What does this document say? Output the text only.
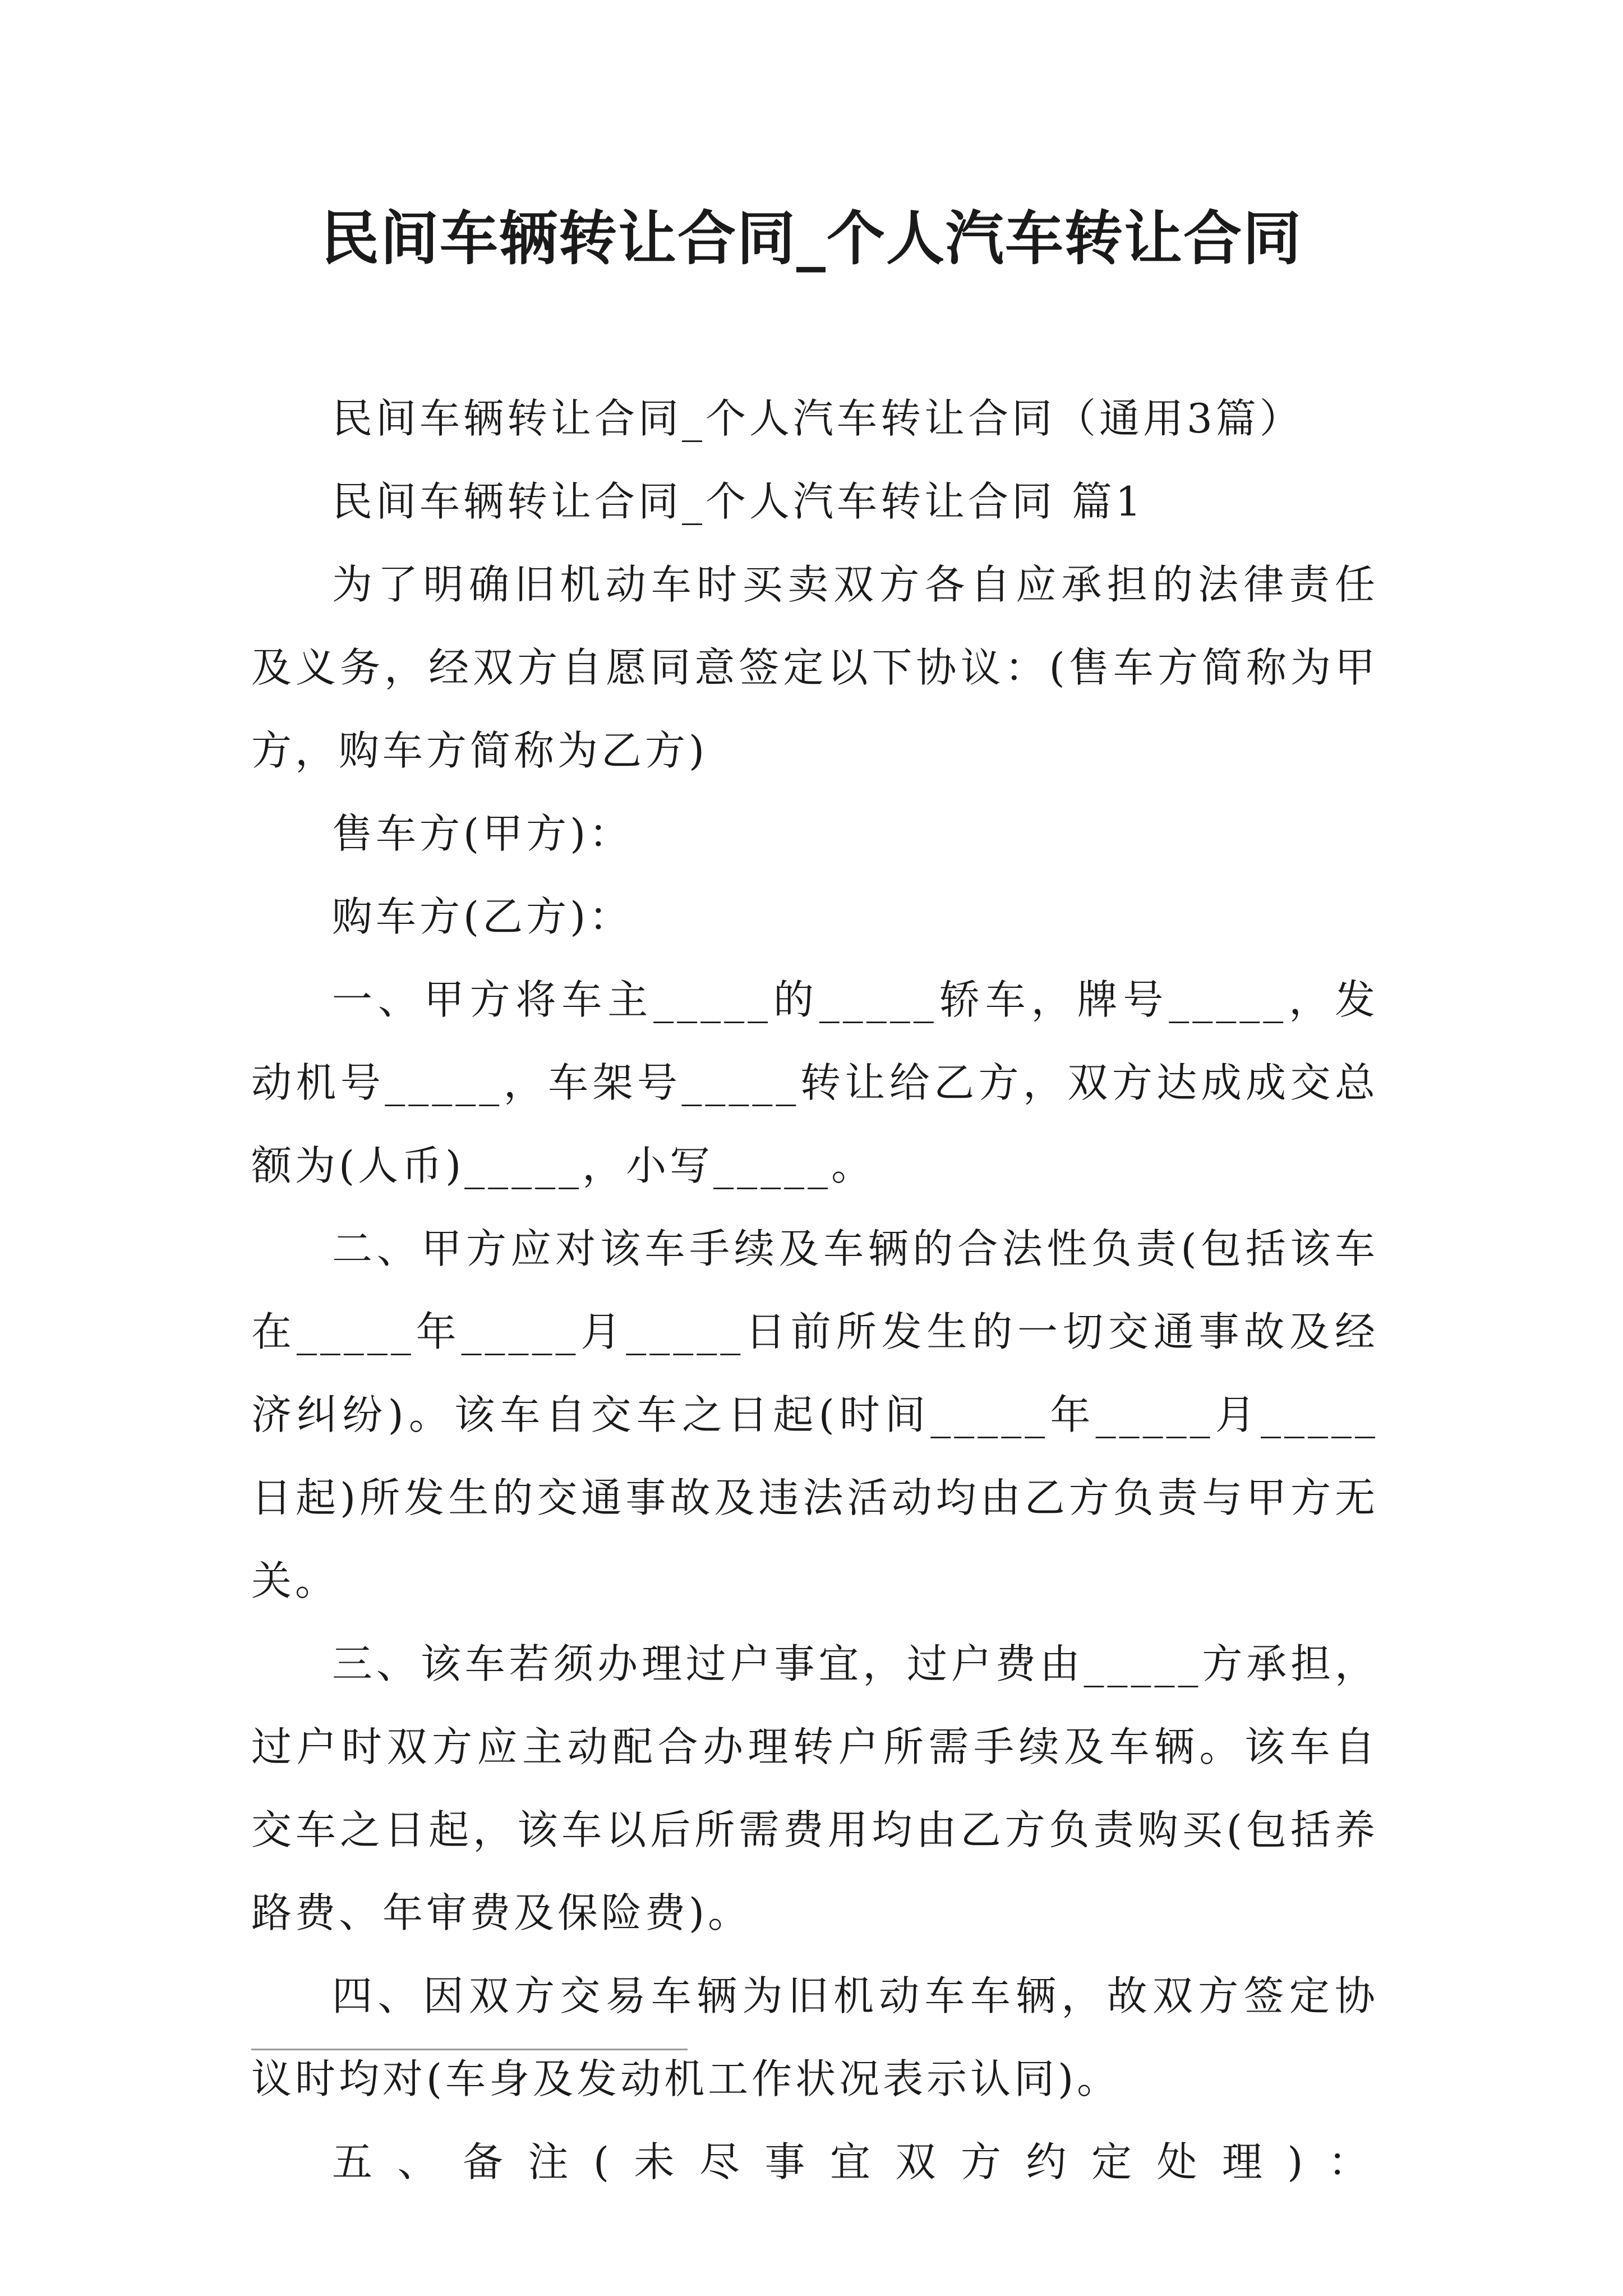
民间车辆转让合同_个人汽车转让合同

民间车辆转让合同_个人汽车转让合同（通用3篇）

民间车辆转让合同_个人汽车转让合同 篇1

为了明确旧机动车时买卖双方各自应承担的法律责任及义务，经双方自愿同意签定以下协议：(售车方简称为甲方，购车方简称为乙方)

售车方(甲方)：

购车方(乙方)：

一、甲方将车主_____的_____轿车，牌号_____，发动机号_____，车架号_____转让给乙方，双方达成成交总额为(人币)_____，小写_____。

二、甲方应对该车手续及车辆的合法性负责(包括该车在_____年_____月_____日前所发生的一切交通事故及经济纠纷)。该车自交车之日起(时间_____年_____月_____日起)所发生的交通事故及违法活动均由乙方负责与甲方无关。

三、该车若须办理过户事宜，过户费由_____方承担，过户时双方应主动配合办理转户所需手续及车辆。该车自交车之日起，该车以后所需费用均由乙方负责购买(包括养路费、年审费及保险费)。

四、因双方交易车辆为旧机动车车辆，故双方签定协议时均对(车身及发动机工作状况表示认同)。

五、备注(未尽事宜双方约定处理)：
